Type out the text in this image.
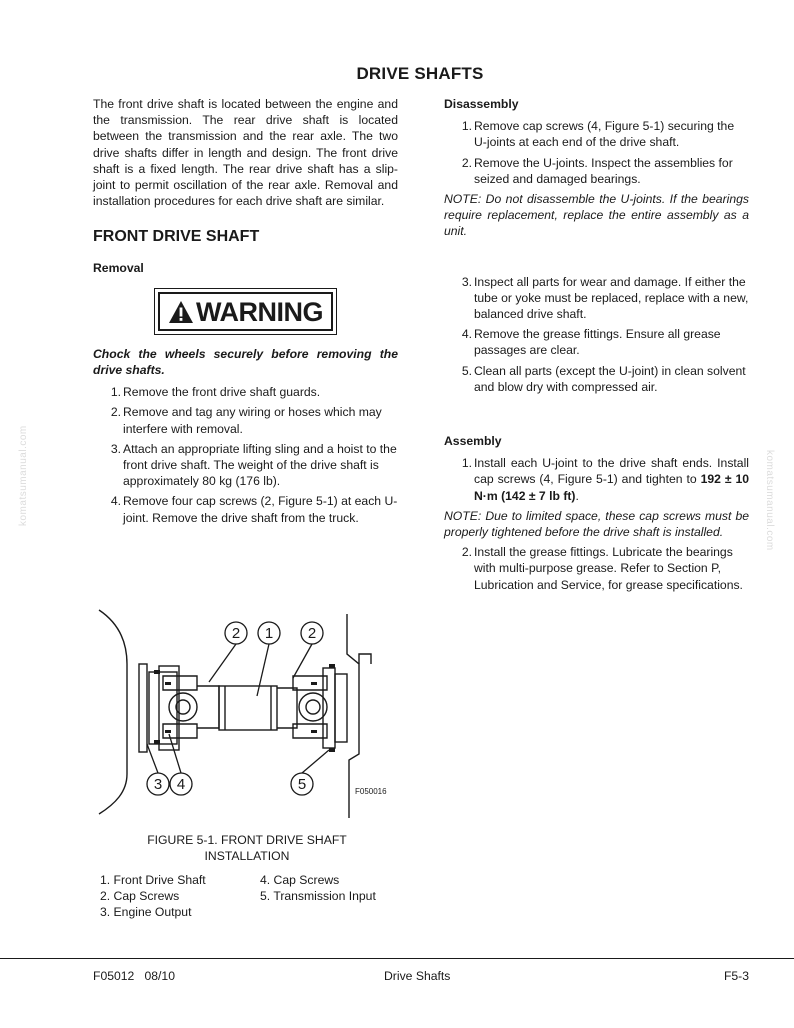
DRIVE SHAFTS
The front drive shaft is located between the engine and the transmission. The rear drive shaft is located between the transmission and the rear axle. The two drive shafts differ in length and design. The front drive shaft is a fixed length. The rear drive shaft has a slip-joint to permit oscillation of the rear axle. Removal and installation procedures for each drive shaft are similar.
FRONT DRIVE SHAFT
Removal
WARNING
Chock the wheels securely before removing the drive shafts.
1. Remove the front drive shaft guards.
2. Remove and tag any wiring or hoses which may interfere with removal.
3. Attach an appropriate lifting sling and a hoist to the front drive shaft. The weight of the drive shaft is approximately 80 kg (176 lb).
4. Remove four cap screws (2, Figure 5-1) at each U-joint. Remove the drive shaft from the truck.
Disassembly
1. Remove cap screws (4, Figure 5-1) securing the U-joints at each end of the drive shaft.
2. Remove the U-joints. Inspect the assemblies for seized and damaged bearings.
NOTE: Do not disassemble the U-joints. If the bearings require replacement, replace the entire assembly as a unit.
3. Inspect all parts for wear and damage. If either the tube or yoke must be replaced, replace with a new, balanced drive shaft.
4. Remove the grease fittings. Ensure all grease passages are clear.
5. Clean all parts (except the U-joint) in clean solvent and blow dry with compressed air.
Assembly
1. Install each U-joint to the drive shaft ends. Install cap screws (4, Figure 5-1) and tighten to 192 ± 10 N·m (142 ± 7 lb ft).
NOTE: Due to limited space, these cap screws must be properly tightened before the drive shaft is installed.
2. Install the grease fittings. Lubricate the bearings with multi-purpose grease. Refer to Section P, Lubrication and Service, for grease specifications.
2 1 2
3 4	5	F050016
FIGURE 5-1. FRONT DRIVE SHAFT
INSTALLATION
1. Front Drive Shaft
2. Cap Screws
3. Engine Output
4. Cap Screws
5. Transmission Input
F05012   08/10	Drive Shafts	F5-3
komatsumanual.com	komatsumanual.com
